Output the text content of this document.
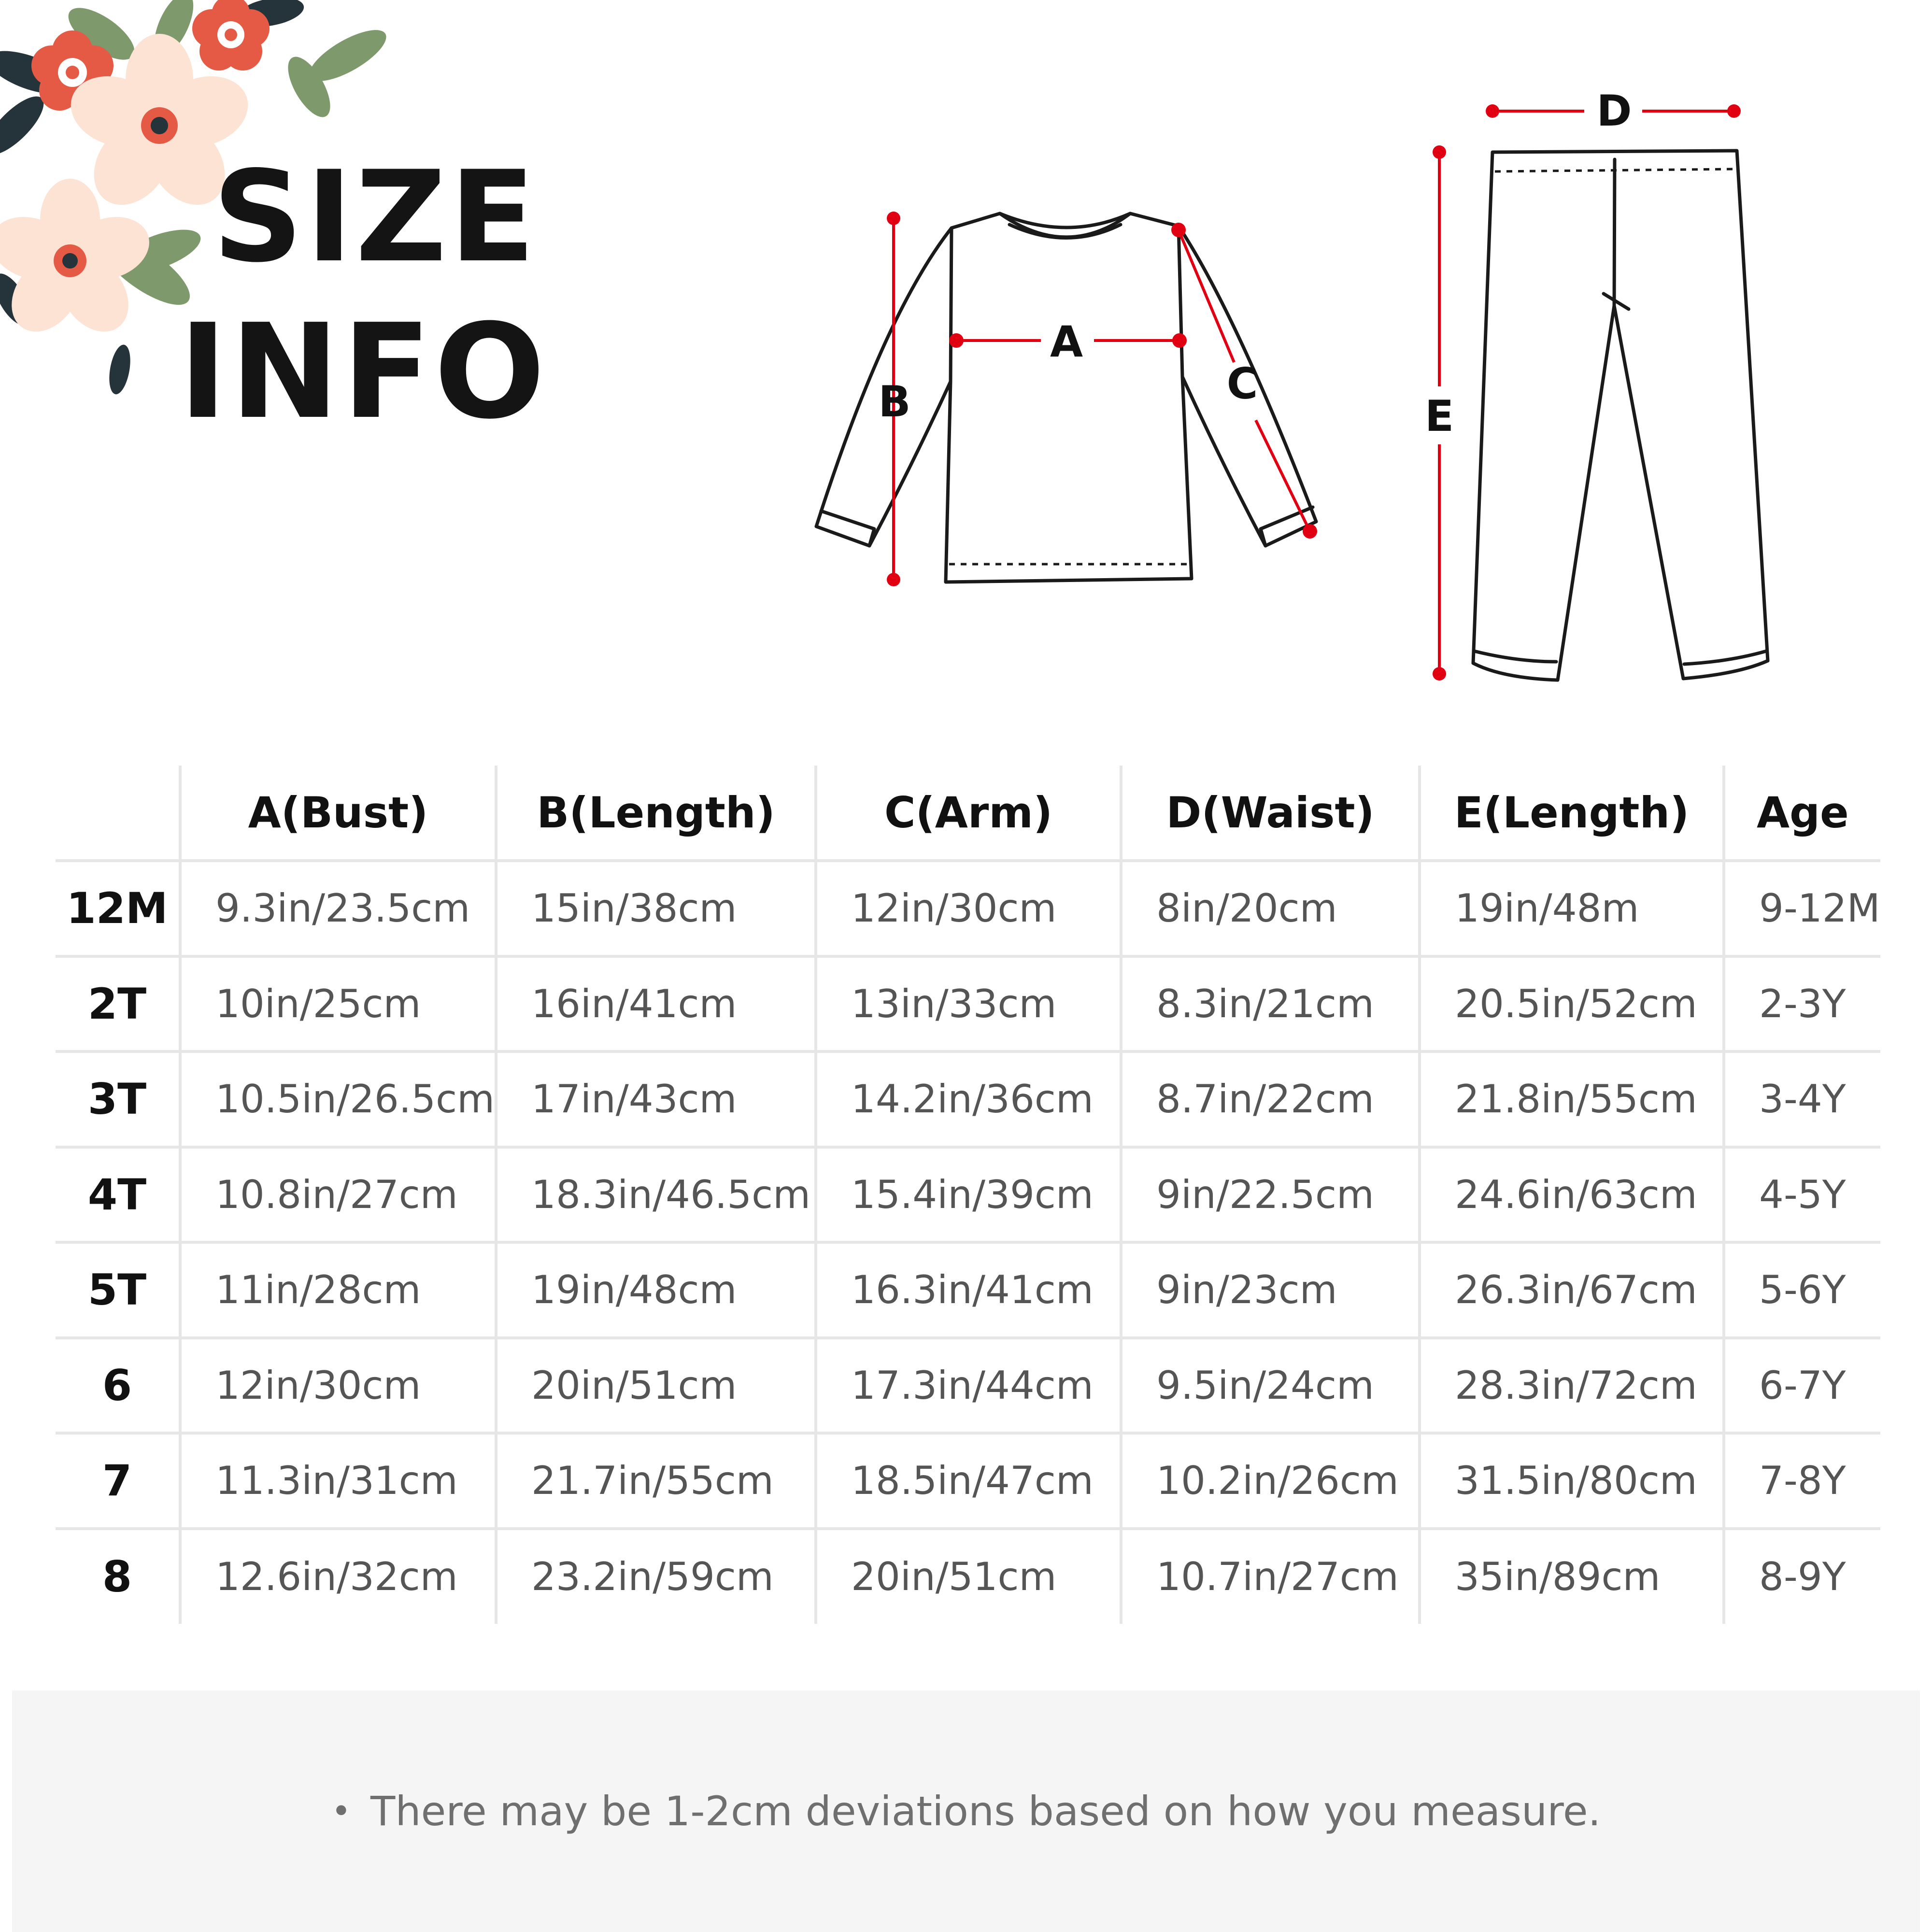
SIZE
INFO	A
B	C
D
E
	A(Bust)	B(Length)	C(Arm)	D(Waist)	E(Length)	Age
12M	9.3in/23.5cm	15in/38cm	12in/30cm	8in/20cm	19in/48m	9-12M
2T	10in/25cm	16in/41cm	13in/33cm	8.3in/21cm	20.5in/52cm	2-3Y
3T	10.5in/26.5cm	17in/43cm	14.2in/36cm	8.7in/22cm	21.8in/55cm	3-4Y
4T	10.8in/27cm	18.3in/46.5cm	15.4in/39cm	9in/22.5cm	24.6in/63cm	4-5Y
5T	11in/28cm	19in/48cm	16.3in/41cm	9in/23cm	26.3in/67cm	5-6Y
6	12in/30cm	20in/51cm	17.3in/44cm	9.5in/24cm	28.3in/72cm	6-7Y
7	11.3in/31cm	21.7in/55cm	18.5in/47cm	10.2in/26cm	31.5in/80cm	7-8Y
8	12.6in/32cm	23.2in/59cm	20in/51cm	10.7in/27cm	35in/89cm	8-9Y
• There may be 1-2cm deviations based on how you measure.
